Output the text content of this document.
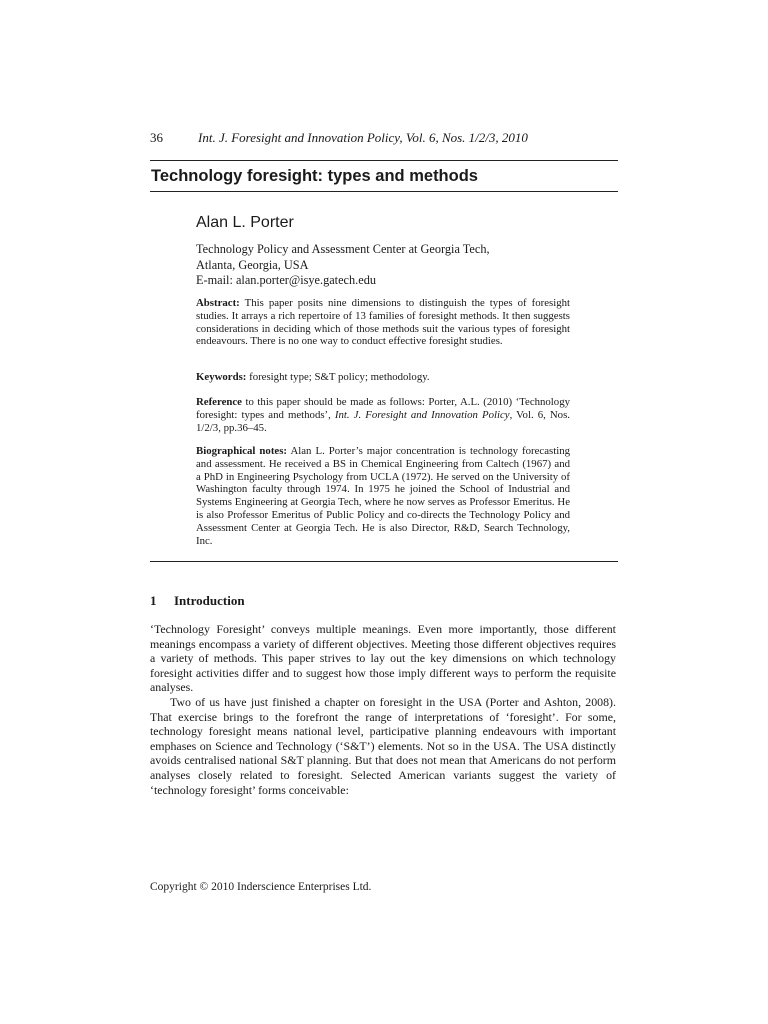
36	Int. J. Foresight and Innovation Policy, Vol. 6, Nos. 1/2/3, 2010
Technology foresight: types and methods
Alan L. Porter
Technology Policy and Assessment Center at Georgia Tech,
Atlanta, Georgia, USA
E-mail: alan.porter@isye.gatech.edu
Abstract: This paper posits nine dimensions to distinguish the types of foresight studies. It arrays a rich repertoire of 13 families of foresight methods. It then suggests considerations in deciding which of those methods suit the various types of foresight endeavours. There is no one way to conduct effective foresight studies.
Keywords: foresight type; S&T policy; methodology.
Reference to this paper should be made as follows: Porter, A.L. (2010) ‘Technology foresight: types and methods’, Int. J. Foresight and Innovation Policy, Vol. 6, Nos. 1/2/3, pp.36–45.
Biographical notes: Alan L. Porter’s major concentration is technology forecasting and assessment. He received a BS in Chemical Engineering from Caltech (1967) and a PhD in Engineering Psychology from UCLA (1972). He served on the University of Washington faculty through 1974. In 1975 he joined the School of Industrial and Systems Engineering at Georgia Tech, where he now serves as Professor Emeritus. He is also Professor Emeritus of Public Policy and co-directs the Technology Policy and Assessment Center at Georgia Tech. He is also Director, R&D, Search Technology, Inc.
1 Introduction

‘Technology Foresight’ conveys multiple meanings. Even more importantly, those different meanings encompass a variety of different objectives. Meeting those different objectives requires a variety of methods. This paper strives to lay out the key dimensions on which technology foresight activities differ and to suggest how those imply different ways to perform the requisite analyses.

Two of us have just finished a chapter on foresight in the USA (Porter and Ashton, 2008). That exercise brings to the forefront the range of interpretations of ‘foresight’. For some, technology foresight means national level, participative planning endeavours with important emphases on Science and Technology (‘S&T’) elements. Not so in the USA. The USA distinctly avoids centralised national S&T planning. But that does not mean that Americans do not perform analyses closely related to foresight. Selected American variants suggest the variety of ‘technology foresight’ forms conceivable:

Copyright © 2010 Inderscience Enterprises Ltd.
